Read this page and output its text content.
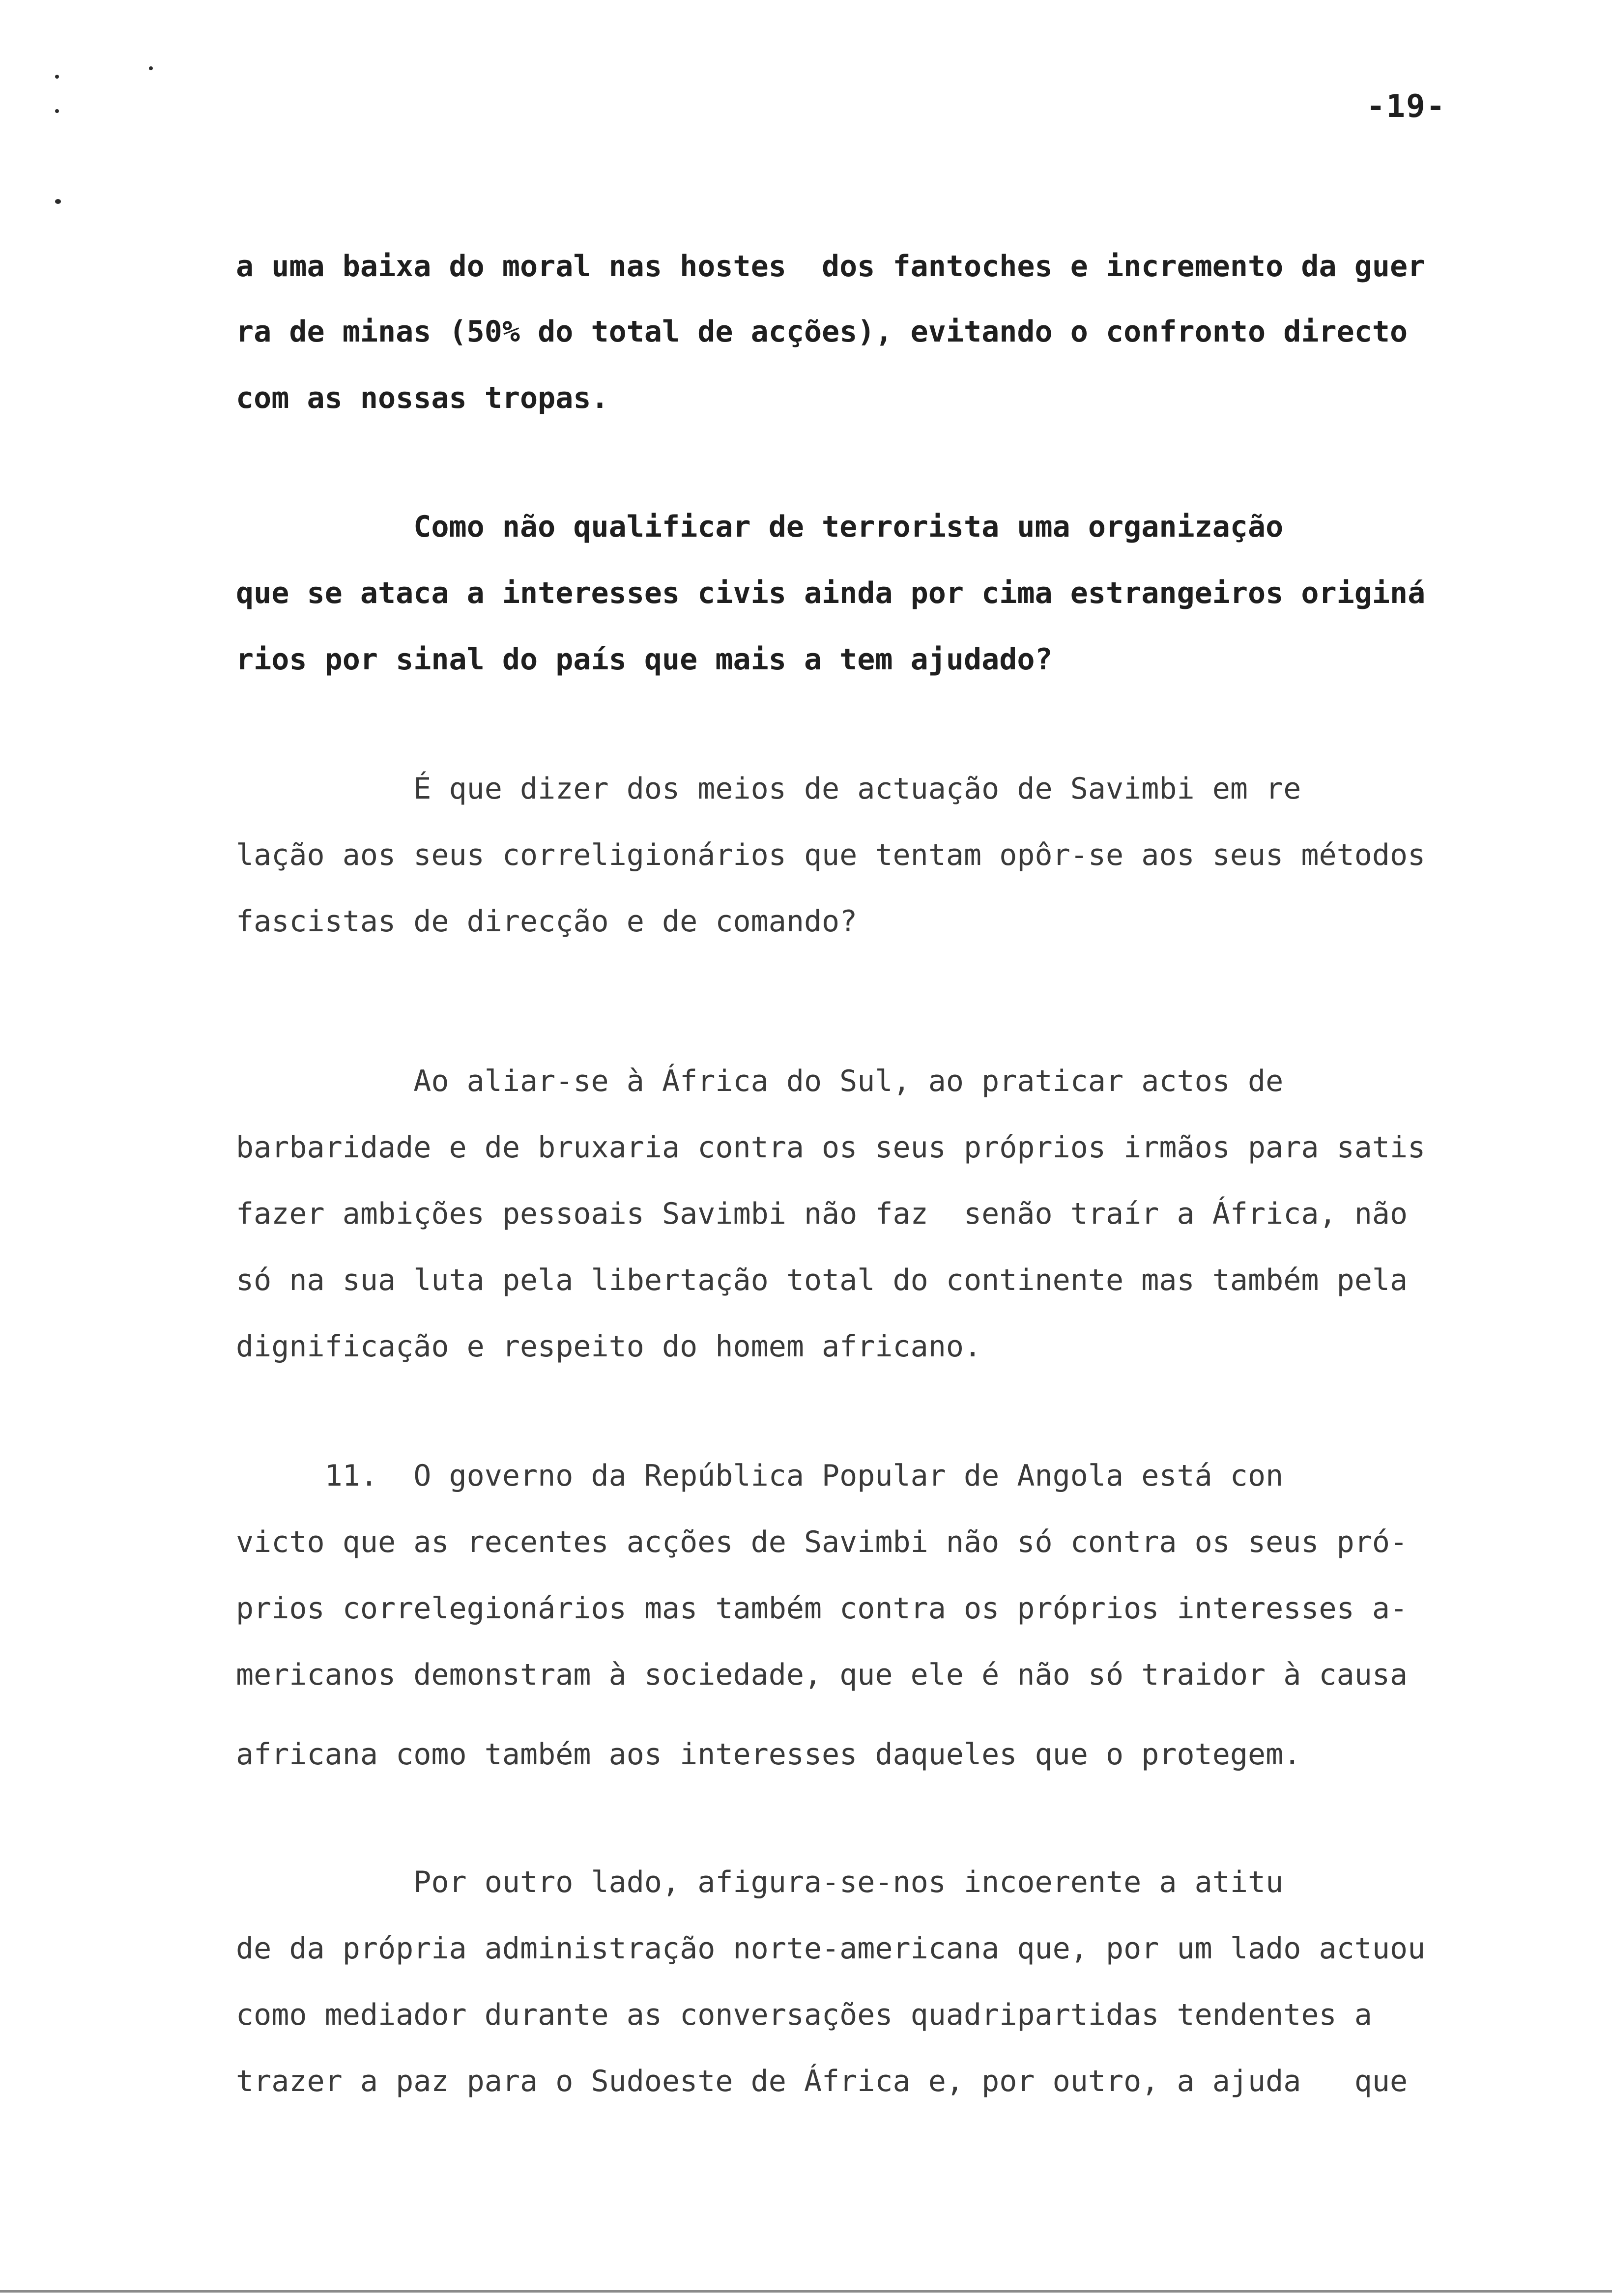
-19-
a uma baixa do moral nas hostes  dos fantoches e incremento da guer
ra de minas (50% do total de acções), evitando o confronto directo
com as nossas tropas.
Como não qualificar de terrorista uma organização
que se ataca a interesses civis ainda por cima estrangeiros originá
rios por sinal do país que mais a tem ajudado?
É que dizer dos meios de actuação de Savimbi em re
lação aos seus correligionários que tentam opôr-se aos seus métodos
fascistas de direcção e de comando?
Ao aliar-se à África do Sul, ao praticar actos de
barbaridade e de bruxaria contra os seus próprios irmãos para satis
fazer ambições pessoais Savimbi não faz  senão traír a África, não
só na sua luta pela libertação total do continente mas também pela
dignificação e respeito do homem africano.
11.  O governo da República Popular de Angola está con
victo que as recentes acções de Savimbi não só contra os seus pró-
prios correlegionários mas também contra os próprios interesses a-
mericanos demonstram à sociedade, que ele é não só traidor à causa
africana como também aos interesses daqueles que o protegem.
Por outro lado, afigura-se-nos incoerente a atitu
de da própria administração norte-americana que, por um lado actuou
como mediador durante as conversações quadripartidas tendentes a
trazer a paz para o Sudoeste de África e, por outro, a ajuda   que
